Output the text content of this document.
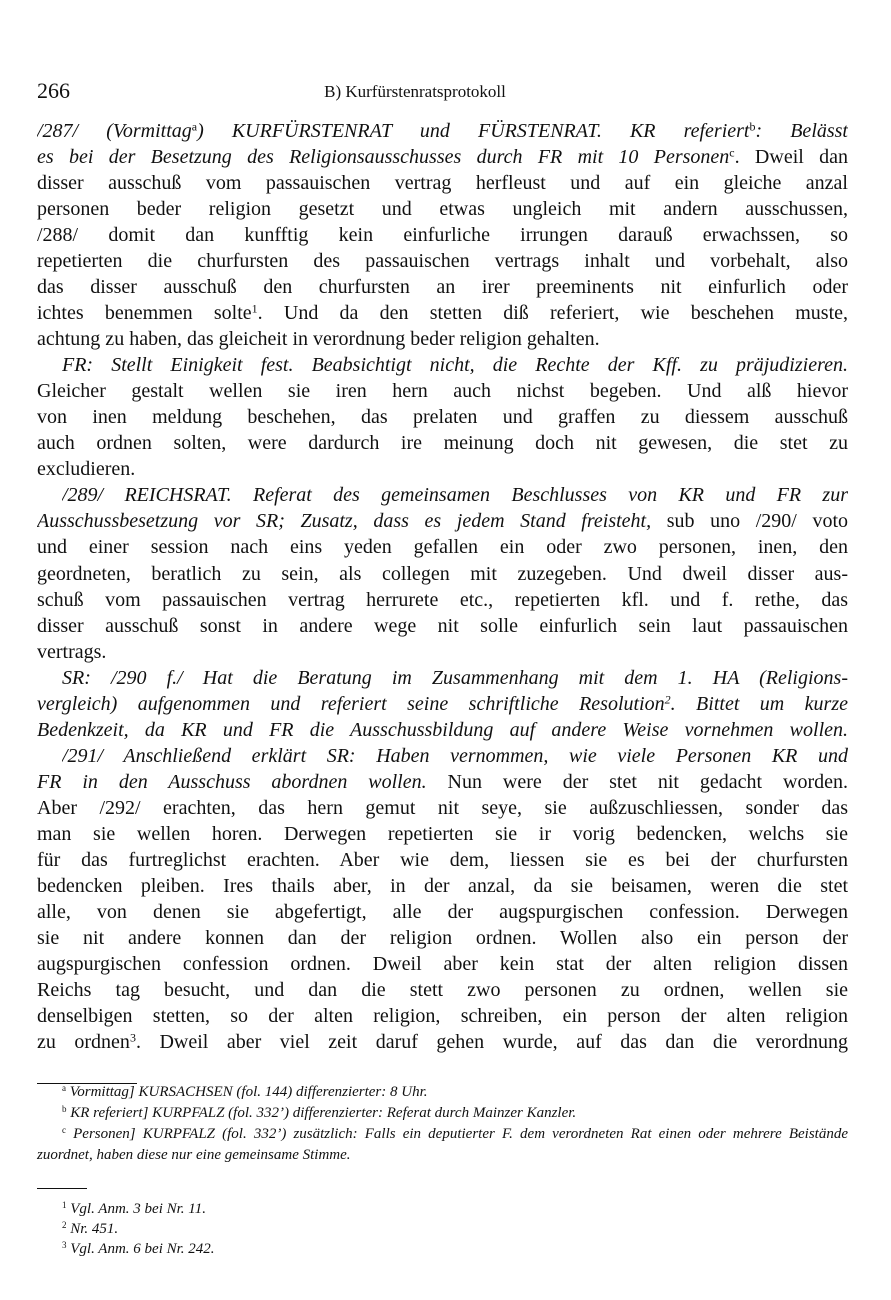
266	B) Kurfürstenratsprotokoll
/287/ (Vormittag$^a$) KURFÜRSTENRAT und FÜRSTENRAT. KR referiert$^b$: Belässt
es bei der Besetzung des Religionsausschusses durch FR mit 10 Personen$^c$. Dweil dan
disser ausschuß vom passauischen vertrag herfleust und auf ein gleiche anzal
personen beder religion gesetzt und etwas ungleich mit andern ausschussen,
/288/ domit dan kunfftig kein einfurliche irrungen darauß erwachssen, so
repetierten die churfursten des passauischen vertrags inhalt und vorbehalt, also
das disser ausschuß den churfursten an irer preeminents nit einfurlich oder
ichtes benemmen solte$^1$. Und da den stetten diß referiert, wie beschehen muste,
achtung zu haben, das gleicheit in verordnung beder religion gehalten.
FR: Stellt Einigkeit fest. Beabsichtigt nicht, die Rechte der Kff. zu präjudizieren.
Gleicher gestalt wellen sie iren hern auch nichst begeben. Und alß hievor
von inen meldung beschehen, das prelaten und graffen zu diessem ausschuß
auch ordnen solten, were dardurch ire meinung doch nit gewesen, die stet zu
excludieren.
/289/ REICHSRAT. Referat des gemeinsamen Beschlusses von KR und FR zur
Ausschussbesetzung vor SR; Zusatz, dass es jedem Stand freisteht, sub uno /290/ voto
und einer session nach eins yeden gefallen ein oder zwo personen, inen, den
geordneten, beratlich zu sein, als collegen mit zuzegeben. Und dweil disser aus-
schuß vom passauischen vertrag herrurete etc., repetierten kfl. und f. rethe, das
disser ausschuß sonst in andere wege nit solle einfurlich sein laut passauischen
vertrags.
SR: /290 f./ Hat die Beratung im Zusammenhang mit dem 1. HA (Religions-
vergleich) aufgenommen und referiert seine schriftliche Resolution$^2$. Bittet um kurze
Bedenkzeit, da KR und FR die Ausschussbildung auf andere Weise vornehmen wollen.
/291/ Anschließend erklärt SR: Haben vernommen, wie viele Personen KR und
FR in den Ausschuss abordnen wollen. Nun were der stet nit gedacht worden.
Aber /292/ erachten, das hern gemut nit seye, sie außzuschliessen, sonder das
man sie wellen horen. Derwegen repetierten sie ir vorig bedencken, welchs sie
für das furtreglichst erachten. Aber wie dem, liessen sie es bei der churfursten
bedencken pleiben. Ires thails aber, in der anzal, da sie beisamen, weren die stet
alle, von denen sie abgefertigt, alle der augspurgischen confession. Derwegen
sie nit andere konnen dan der religion ordnen. Wollen also ein person der
augspurgischen confession ordnen. Dweil aber kein stat der alten religion dissen
Reichs tag besucht, und dan die stett zwo personen zu ordnen, wellen sie
denselbigen stetten, so der alten religion, schreiben, ein person der alten religion
zu ordnen$^3$. Dweil aber viel zeit daruf gehen wurde, auf das dan die verordnung
$^a$ Vormittag] KURSACHSEN (fol. 144) differenzierter: 8 Uhr.
$^b$ KR referiert] KURPFALZ (fol. 332’) differenzierter: Referat durch Mainzer Kanzler.
$^c$ Personen] KURPFALZ (fol. 332’) zusätzlich: Falls ein deputierter F. dem verordneten Rat einen oder mehrere Beistände zuordnet, haben diese nur eine gemeinsame Stimme.
$^1$ Vgl. Anm. 3 bei Nr. 11.
$^2$ Nr. 451.
$^3$ Vgl. Anm. 6 bei Nr. 242.
